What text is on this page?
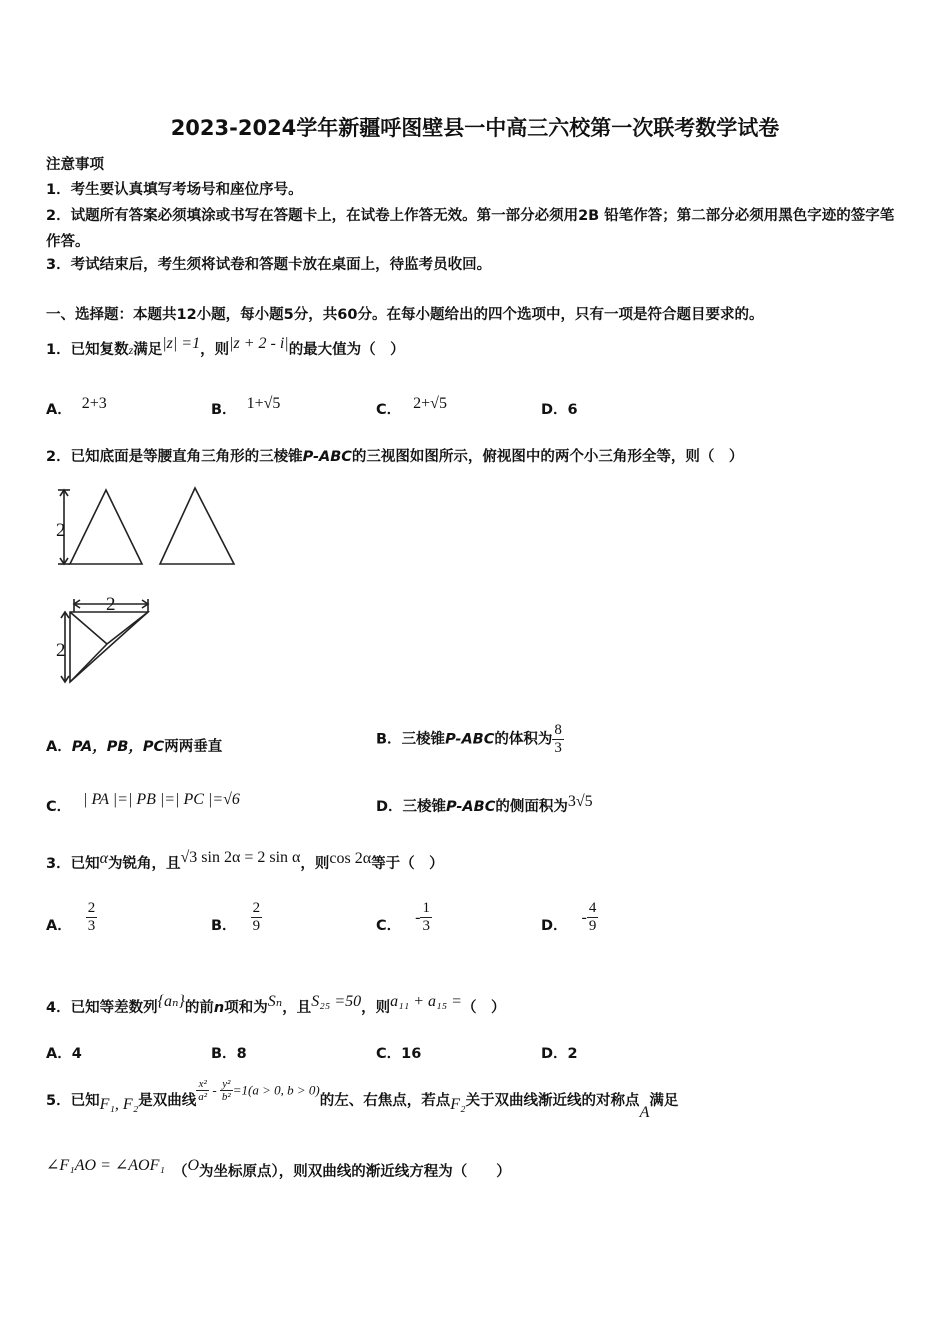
2023-2024学年新疆呼图壁县一中高三六校第一次联考数学试卷
注意事项
1．考生要认真填写考场号和座位序号。
2．试题所有答案必须填涂或书写在答题卡上，在试卷上作答无效。第一部分必须用2B 铅笔作答；第二部分必须用黑色字迹的签字笔作答。
3．考试结束后，考生须将试卷和答题卡放在桌面上，待监考员收回。
一、选择题：本题共12小题，每小题5分，共60分。在每小题给出的四个选项中，只有一项是符合题目要求的。
1．已知复数z满足|z| =1，则|z + 2 - i|的最大值为（　）
A． 2+3	B． 1+√5	C． 2+√5	D．6
2．已知底面是等腰直角三角形的三棱锥P-ABC的三视图如图所示，俯视图中的两个小三角形全等，则（　）
2
2
2
A．PA，PB，PC两两垂直	B．三棱锥P-ABC的体积为 $\frac{8}{3}$
C． | PA |=| PB |=| PC |=√6	D．三棱锥P-ABC的侧面积为3√5
3．已知α为锐角，且√3 sin 2α = 2 sin α，则cos 2α等于（　）
A． $\frac{2}{3}$	B． $\frac{2}{9}$	C． - $\frac{1}{3}$	D． - $\frac{4}{9}$
4．已知等差数列{aₙ}的前n项和为Sₙ，且S₂₅ =50，则a₁₁ + a₁₅ =（　）
A．4	B．8	C．16	D．2
5．已知F₁, F₂是双曲线 $\frac{\text{x²}}{\text{a²}} - \frac{\text{y²}}{\text{b²}} =1(a > 0$, b > 0)的左、右焦点，若点F₂关于双曲线渐近线的对称点A满足
∠F₁AO = ∠AOF₁ （O为坐标原点），则双曲线的渐近线方程为（　　）
